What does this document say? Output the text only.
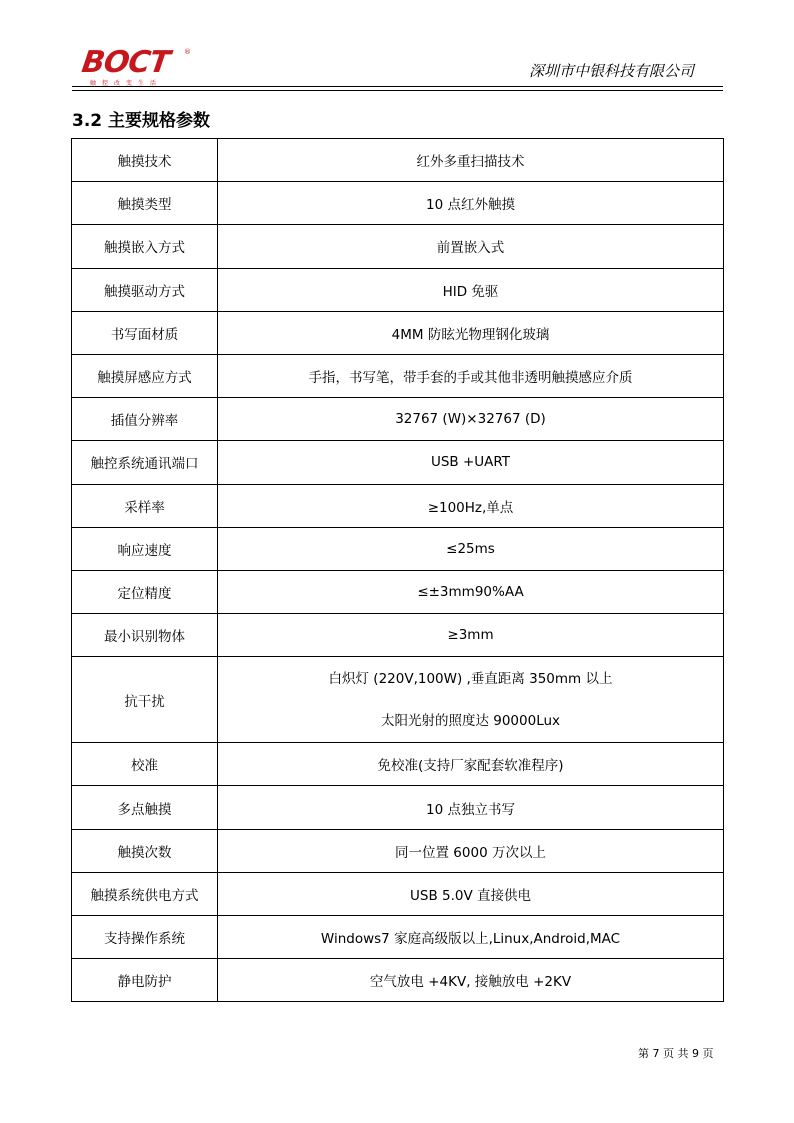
BOCT ®
触控改变生活
深圳市中银科技有限公司
3.2 主要规格参数
触摸技术	红外多重扫描技术
触摸类型	10 点红外触摸
触摸嵌入方式	前置嵌入式
触摸驱动方式	HID 免驱
书写面材质	4MM 防眩光物理钢化玻璃
触摸屏感应方式	手指，书写笔，带手套的手或其他非透明触摸感应介质
插值分辨率	32767 (W)×32767 (D)
触控系统通讯端口	USB +UART
采样率	≥100Hz,单点
响应速度	≤25ms
定位精度	≤±3mm90%AA
最小识别物体	≥3mm
抗干扰	白炽灯 (220V,100W) ,垂直距离 350mm 以上
太阳光射的照度达 90000Lux

校准	免校准(支持厂家配套软准程序)
多点触摸	10 点独立书写
触摸次数	同一位置 6000 万次以上
触摸系统供电方式	USB 5.0V 直接供电
支持操作系统	Windows7 家庭高级版以上,Linux,Android,MAC
静电防护	空气放电 +4KV, 接触放电 +2KV
第 7 页 共 9 页
